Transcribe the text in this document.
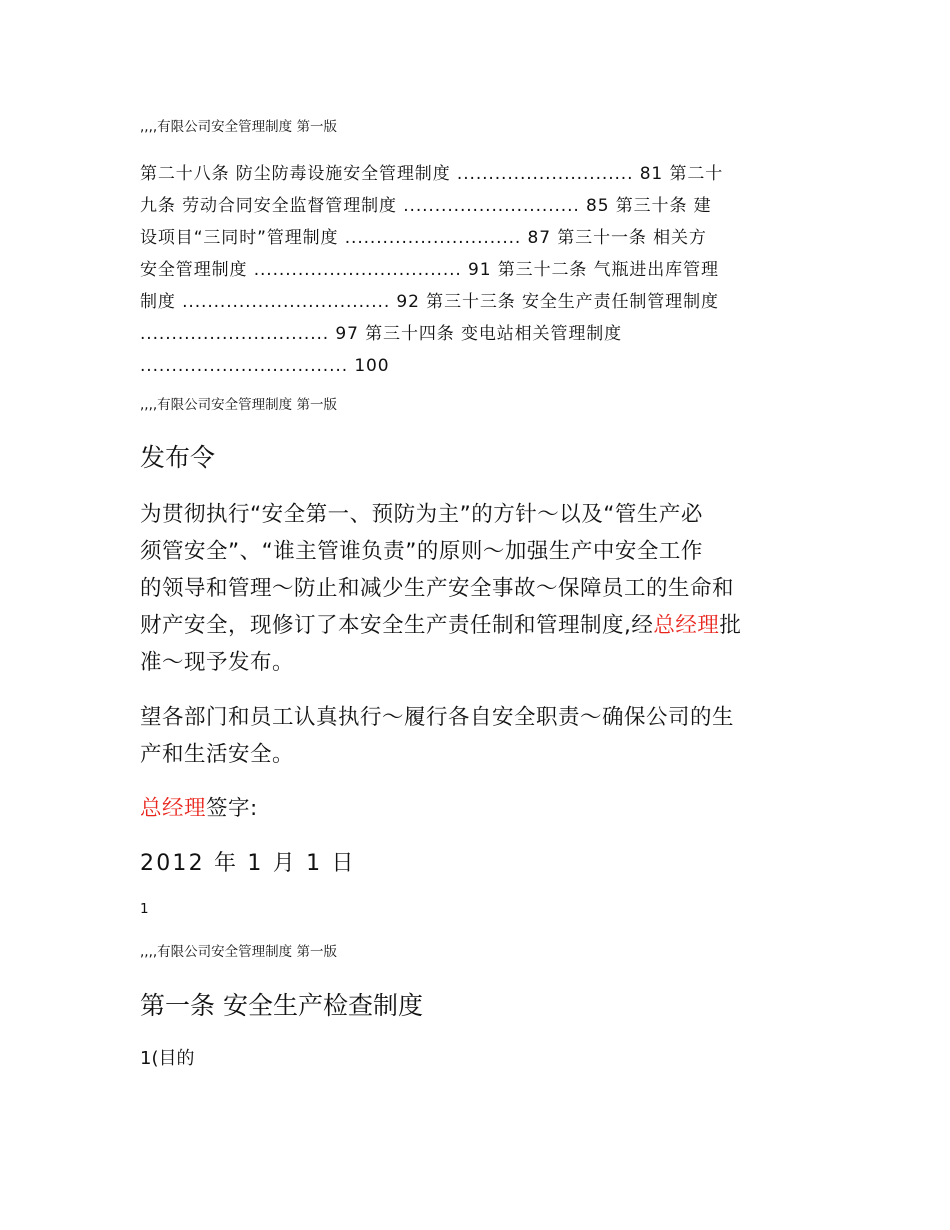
,,,,有限公司安全管理制度 第一版
第二十八条 防尘防毒设施安全管理制度 ............................ 81 第二十
九条 劳动合同安全监督管理制度 ............................ 85 第三十条 建
设项目“三同时”管理制度 ............................ 87 第三十一条 相关方
安全管理制度 ................................. 91 第三十二条 气瓶进出库管理
制度 ................................. 92 第三十三条 安全生产责任制管理制度
.............................. 97 第三十四条 变电站相关管理制度
................................. 100
,,,,有限公司安全管理制度 第一版
发布令
为贯彻执行“安全第一、预防为主”的方针～以及“管生产必
须管安全”、“谁主管谁负责”的原则～加强生产中安全工作
的领导和管理～防止和减少生产安全事故～保障员工的生命和
财产安全，现修订了本安全生产责任制和管理制度,经总经理批
准～现予发布。
望各部门和员工认真执行～履行各自安全职责～确保公司的生
产和生活安全。
总经理签字:
2012 年 1 月 1 日
1
,,,,有限公司安全管理制度 第一版
第一条 安全生产检查制度
1(目的
